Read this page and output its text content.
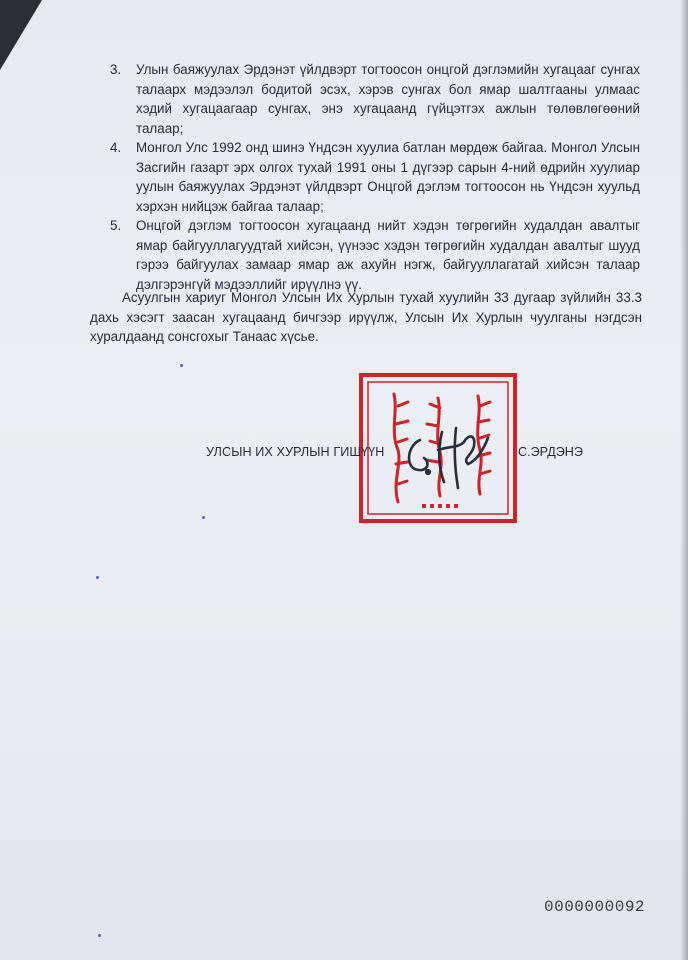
3. Улын баяжуулах Эрдэнэт үйлдвэрт тогтоосон онцгой дэглэмийн хугацааг сунгах талаарх мэдээлэл бодитой эсэх, хэрэв сунгах бол ямар шалтгааны улмаас хэдий хугацаагаар сунгах, энэ хугацаанд гүйцэтгэх ажлын төлөвлөгөөний талаар;
4. Монгол Улс 1992 онд шинэ Үндсэн хуулиа батлан мөрдөж байгаа. Монгол Улсын Засгийн газарт эрх олгох тухай 1991 оны 1 дүгээр сарын 4-ний өдрийн хуулиар уулын баяжуулах Эрдэнэт үйлдвэрт Онцгой дэглэм тогтоосон нь Үндсэн хуульд хэрхэн нийцэж байгаа талаар;
5. Онцгой дэглэм тогтоосон хугацаанд нийт хэдэн төгрөгийн худалдан авалтыг ямар байгууллагуудтай хийсэн, үүнээс хэдэн төгрөгийн худалдан авалтыг шууд гэрээ байгуулах замаар ямар аж ахуйн нэгж, байгууллагатай хийсэн талаар дэлгэрэнгүй мэдээллийг ирүүлнэ үү.

Асуулгын хариуг Монгол Улсын Их Хурлын тухай хуулийн 33 дугаар зүйлийн 33.3 дахь хэсэгт заасан хугацаанд бичгээр ирүүлж, Улсын Их Хурлын чуулганы нэгдсэн хуралдаанд сонсгохыг Танаас хүсье.

УЛСЫН ИХ ХУРЛЫН ГИШҮҮН	С.ЭРДЭНЭ
0000000092
